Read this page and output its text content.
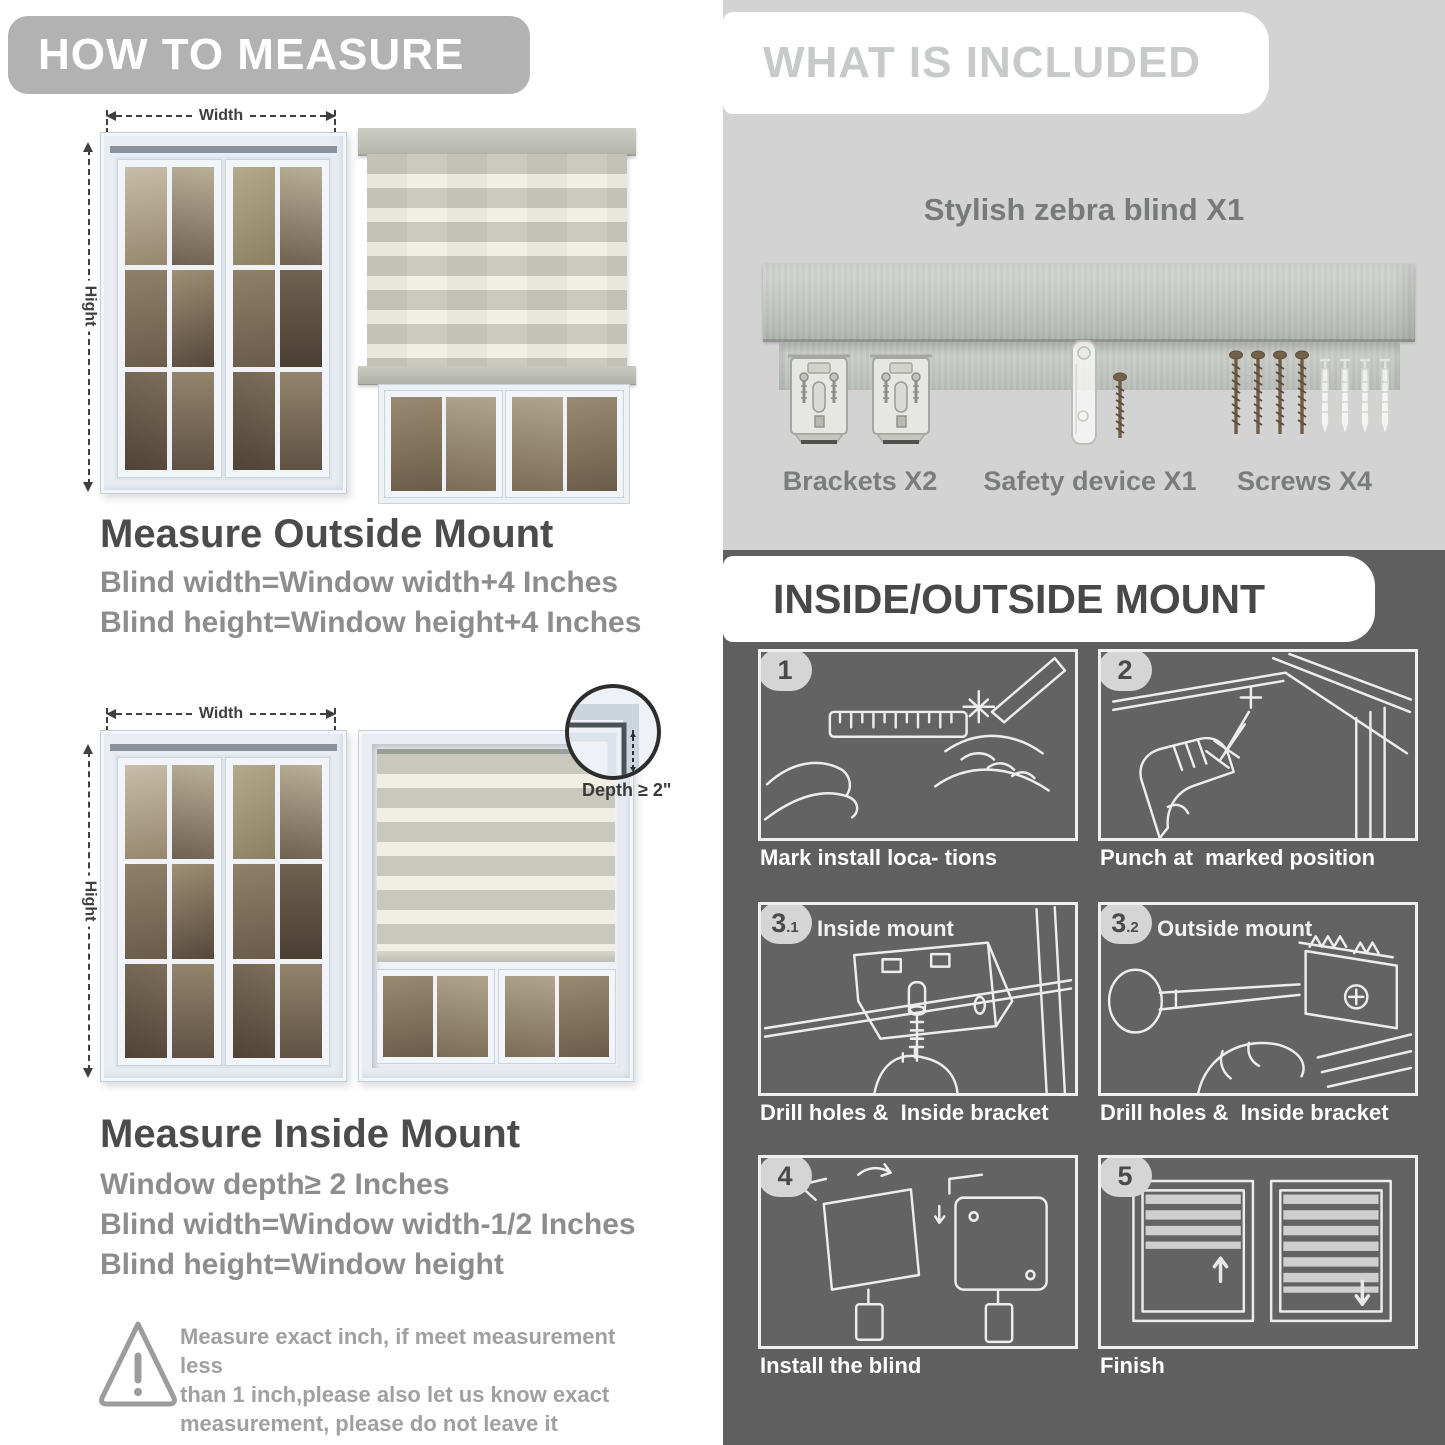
HOW TO MEASURE
Width
Hight
Measure Outside Mount
Blind width=Window width+4 Inches
Blind height=Window height+4 Inches
Width
Hight
Depth ≥ 2"
Measure Inside Mount
Window depth≥ 2 Inches
Blind width=Window width-1/2 Inches
Blind height=Window height
Measure exact inch, if meet measurement less
than 1 inch,please also let us know exact
measurement, please do not leave it
WHAT IS INCLUDED
Stylish zebra blind X1
Brackets X2	Safety device X1	Screws X4
INSIDE/OUTSIDE MOUNT
1
Mark install loca- tions
2
Punch at  marked position
3 .1 Inside mount
Drill holes &  Inside bracket
3 .2 Outside mount
Drill holes &  Inside bracket
4
Install the blind
5
Finish
